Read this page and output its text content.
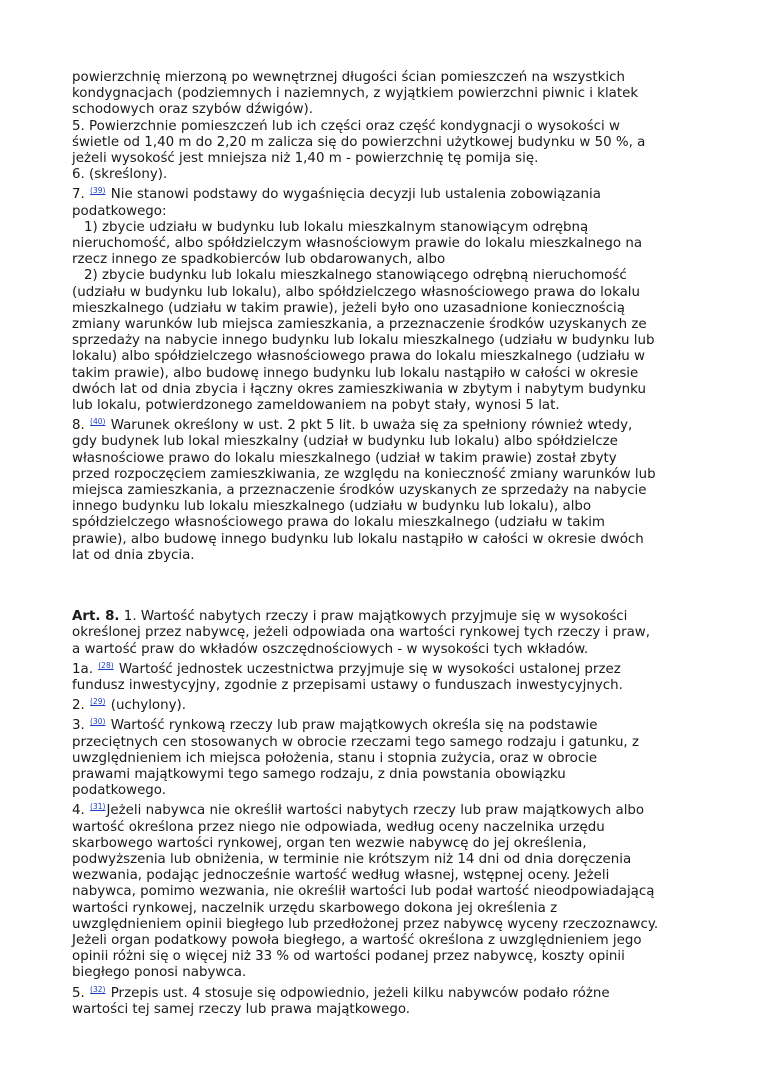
powierzchnię mierzoną po wewnętrznej długości ścian pomieszczeń na wszystkich
kondygnacjach (podziemnych i naziemnych, z wyjątkiem powierzchni piwnic i klatek
schodowych oraz szybów dźwigów).
5. Powierzchnie pomieszczeń lub ich części oraz część kondygnacji o wysokości w
świetle od 1,40 m do 2,20 m zalicza się do powierzchni użytkowej budynku w 50 %, a
jeżeli wysokość jest mniejsza niż 1,40 m - powierzchnię tę pomija się.
6. (skreślony).
7. $^{(39)}$ Nie stanowi podstawy do wygaśnięcia decyzji lub ustalenia zobowiązania
podatkowego:
1) zbycie udziału w budynku lub lokalu mieszkalnym stanowiącym odrębną
nieruchomość, albo spółdzielczym własnościowym prawie do lokalu mieszkalnego na
rzecz innego ze spadkobierców lub obdarowanych, albo
2) zbycie budynku lub lokalu mieszkalnego stanowiącego odrębną nieruchomość
(udziału w budynku lub lokalu), albo spółdzielczego własnościowego prawa do lokalu
mieszkalnego (udziału w takim prawie), jeżeli było ono uzasadnione koniecznością
zmiany warunków lub miejsca zamieszkania, a przeznaczenie środków uzyskanych ze
sprzedaży na nabycie innego budynku lub lokalu mieszkalnego (udziału w budynku lub
lokalu) albo spółdzielczego własnościowego prawa do lokalu mieszkalnego (udziału w
takim prawie), albo budowę innego budynku lub lokalu nastąpiło w całości w okresie
dwóch lat od dnia zbycia i łączny okres zamieszkiwania w zbytym i nabytym budynku
lub lokalu, potwierdzonego zameldowaniem na pobyt stały, wynosi 5 lat.
8. $^{(40)}$ Warunek określony w ust. 2 pkt 5 lit. b uważa się za spełniony również wtedy,
gdy budynek lub lokal mieszkalny (udział w budynku lub lokalu) albo spółdzielcze
własnościowe prawo do lokalu mieszkalnego (udział w takim prawie) został zbyty
przed rozpoczęciem zamieszkiwania, ze względu na konieczność zmiany warunków lub
miejsca zamieszkania, a przeznaczenie środków uzyskanych ze sprzedaży na nabycie
innego budynku lub lokalu mieszkalnego (udziału w budynku lub lokalu), albo
spółdzielczego własnościowego prawa do lokalu mieszkalnego (udziału w takim
prawie), albo budowę innego budynku lub lokalu nastąpiło w całości w okresie dwóch
lat od dnia zbycia.
Art. 8. 1. Wartość nabytych rzeczy i praw majątkowych przyjmuje się w wysokości
określonej przez nabywcę, jeżeli odpowiada ona wartości rynkowej tych rzeczy i praw,
a wartość praw do wkładów oszczędnościowych - w wysokości tych wkładów.
1a. $^{(28)}$ Wartość jednostek uczestnictwa przyjmuje się w wysokości ustalonej przez
fundusz inwestycyjny, zgodnie z przepisami ustawy o funduszach inwestycyjnych.
2. $^{(29)}$ (uchylony).
3. $^{(30)}$ Wartość rynkową rzeczy lub praw majątkowych określa się na podstawie
przeciętnych cen stosowanych w obrocie rzeczami tego samego rodzaju i gatunku, z
uwzględnieniem ich miejsca położenia, stanu i stopnia zużycia, oraz w obrocie
prawami majątkowymi tego samego rodzaju, z dnia powstania obowiązku
podatkowego.
4. $^{(31)}$Jeżeli nabywca nie określił wartości nabytych rzeczy lub praw majątkowych albo
wartość określona przez niego nie odpowiada, według oceny naczelnika urzędu
skarbowego wartości rynkowej, organ ten wezwie nabywcę do jej określenia,
podwyższenia lub obniżenia, w terminie nie krótszym niż 14 dni od dnia doręczenia
wezwania, podając jednocześnie wartość według własnej, wstępnej oceny. Jeżeli
nabywca, pomimo wezwania, nie określił wartości lub podał wartość nieodpowiadającą
wartości rynkowej, naczelnik urzędu skarbowego dokona jej określenia z
uwzględnieniem opinii biegłego lub przedłożonej przez nabywcę wyceny rzeczoznawcy.
Jeżeli organ podatkowy powoła biegłego, a wartość określona z uwzględnieniem jego
opinii różni się o więcej niż 33 % od wartości podanej przez nabywcę, koszty opinii
biegłego ponosi nabywca.
5. $^{(32)}$ Przepis ust. 4 stosuje się odpowiednio, jeżeli kilku nabywców podało różne
wartości tej samej rzeczy lub prawa majątkowego.
